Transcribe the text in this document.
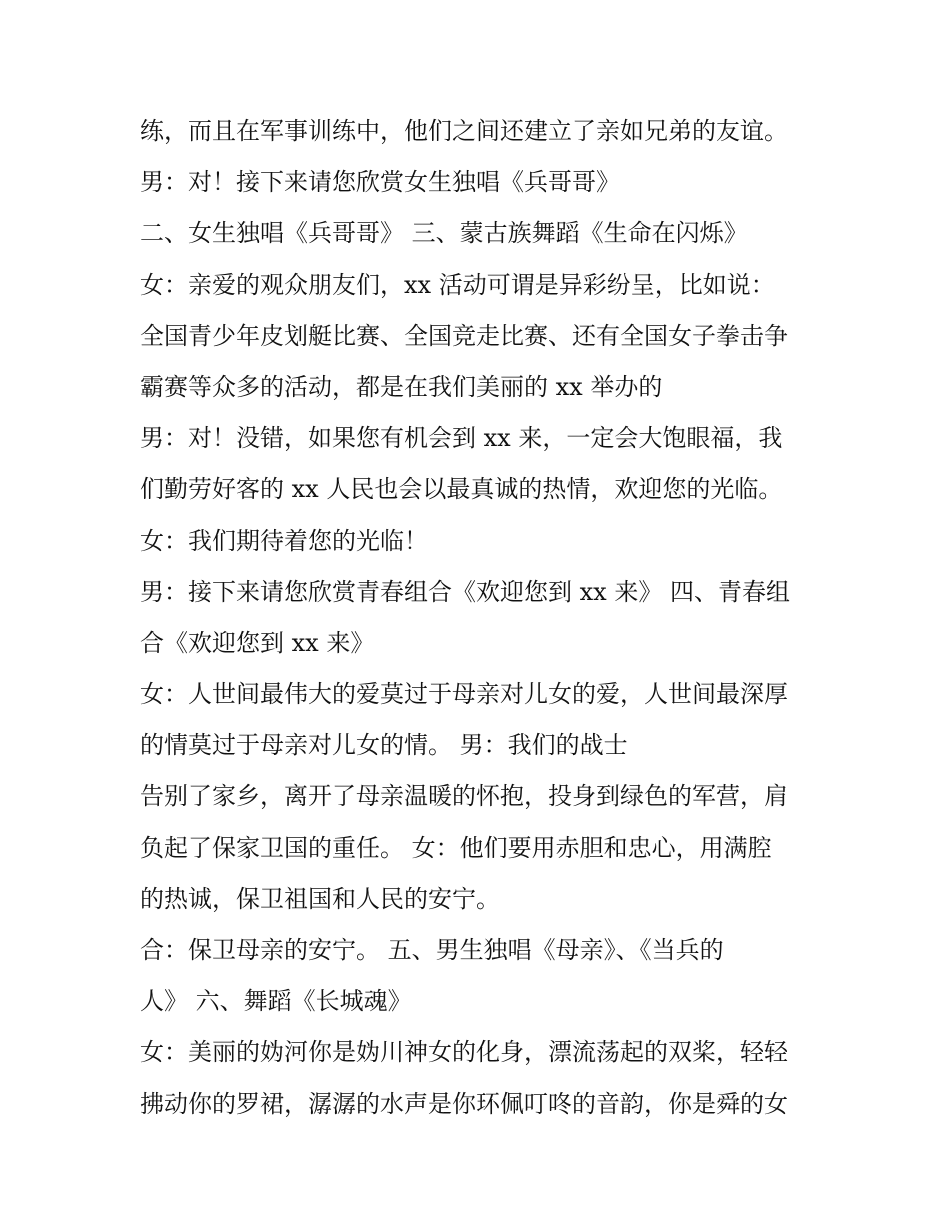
练，而且在军事训练中，他们之间还建立了亲如兄弟的友谊。
男：对！接下来请您欣赏女生独唱《兵哥哥》
二、女生独唱《兵哥哥》 三、蒙古族舞蹈《生命在闪烁》
女：亲爱的观众朋友们，xx 活动可谓是异彩纷呈，比如说：
全国青少年皮划艇比赛、全国竞走比赛、还有全国女子拳击争
霸赛等众多的活动，都是在我们美丽的 xx 举办的
男：对！没错，如果您有机会到 xx 来，一定会大饱眼福，我
们勤劳好客的 xx 人民也会以最真诚的热情，欢迎您的光临。
女：我们期待着您的光临！
男：接下来请您欣赏青春组合《欢迎您到 xx 来》 四、青春组
合《欢迎您到 xx 来》
女：人世间最伟大的爱莫过于母亲对儿女的爱，人世间最深厚
的情莫过于母亲对儿女的情。 男：我们的战士
告别了家乡，离开了母亲温暖的怀抱，投身到绿色的军营，肩
负起了保家卫国的重任。 女：他们要用赤胆和忠心，用满腔
的热诚，保卫祖国和人民的安宁。
合：保卫母亲的安宁。 五、男生独唱《母亲》、《当兵的
人》 六、舞蹈《长城魂》
女：美丽的妫河你是妫川神女的化身，漂流荡起的双桨，轻轻
拂动你的罗裙，潺潺的水声是你环佩叮咚的音韵，你是舜的女
